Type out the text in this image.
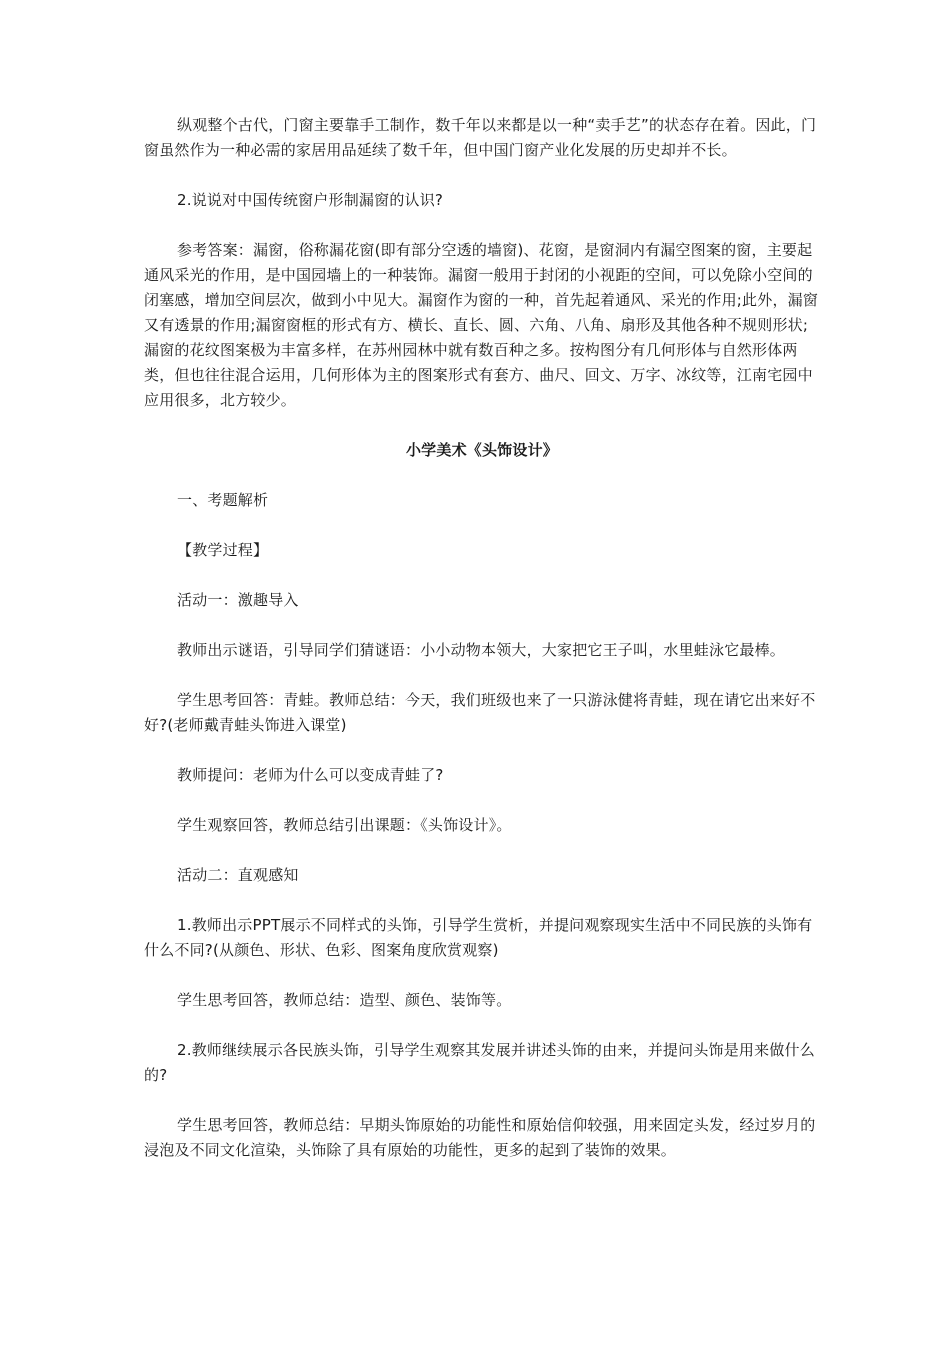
纵观整个古代，门窗主要靠手工制作，数千年以来都是以一种“卖手艺”的状态存在着。因此，门窗虽然作为一种必需的家居用品延续了数千年，但中国门窗产业化发展的历史却并不长。

2.说说对中国传统窗户形制漏窗的认识?

参考答案：漏窗，俗称漏花窗(即有部分空透的墙窗)、花窗，是窗洞内有漏空图案的窗，主要起通风采光的作用，是中国园墙上的一种装饰。漏窗一般用于封闭的小视距的空间，可以免除小空间的闭塞感，增加空间层次，做到小中见大。漏窗作为窗的一种，首先起着通风、采光的作用;此外，漏窗又有透景的作用;漏窗窗框的形式有方、横长、直长、圆、六角、八角、扇形及其他各种不规则形状;漏窗的花纹图案极为丰富多样，在苏州园林中就有数百种之多。按构图分有几何形体与自然形体两类，但也往往混合运用，几何形体为主的图案形式有套方、曲尺、回文、万字、冰纹等，江南宅园中应用很多，北方较少。

小学美术《头饰设计》

一、考题解析

【教学过程】

活动一：激趣导入

教师出示谜语，引导同学们猜谜语：小小动物本领大，大家把它王子叫，水里蛙泳它最棒。

学生思考回答：青蛙。教师总结：今天，我们班级也来了一只游泳健将青蛙，现在请它出来好不好?(老师戴青蛙头饰进入课堂)

教师提问：老师为什么可以变成青蛙了?

学生观察回答，教师总结引出课题：《头饰设计》。

活动二：直观感知

1.教师出示PPT展示不同样式的头饰，引导学生赏析，并提问观察现实生活中不同民族的头饰有什么不同?(从颜色、形状、色彩、图案角度欣赏观察)

学生思考回答，教师总结：造型、颜色、装饰等。

2.教师继续展示各民族头饰，引导学生观察其发展并讲述头饰的由来，并提问头饰是用来做什么的?

学生思考回答，教师总结：早期头饰原始的功能性和原始信仰较强，用来固定头发，经过岁月的浸泡及不同文化渲染，头饰除了具有原始的功能性，更多的起到了装饰的效果。
